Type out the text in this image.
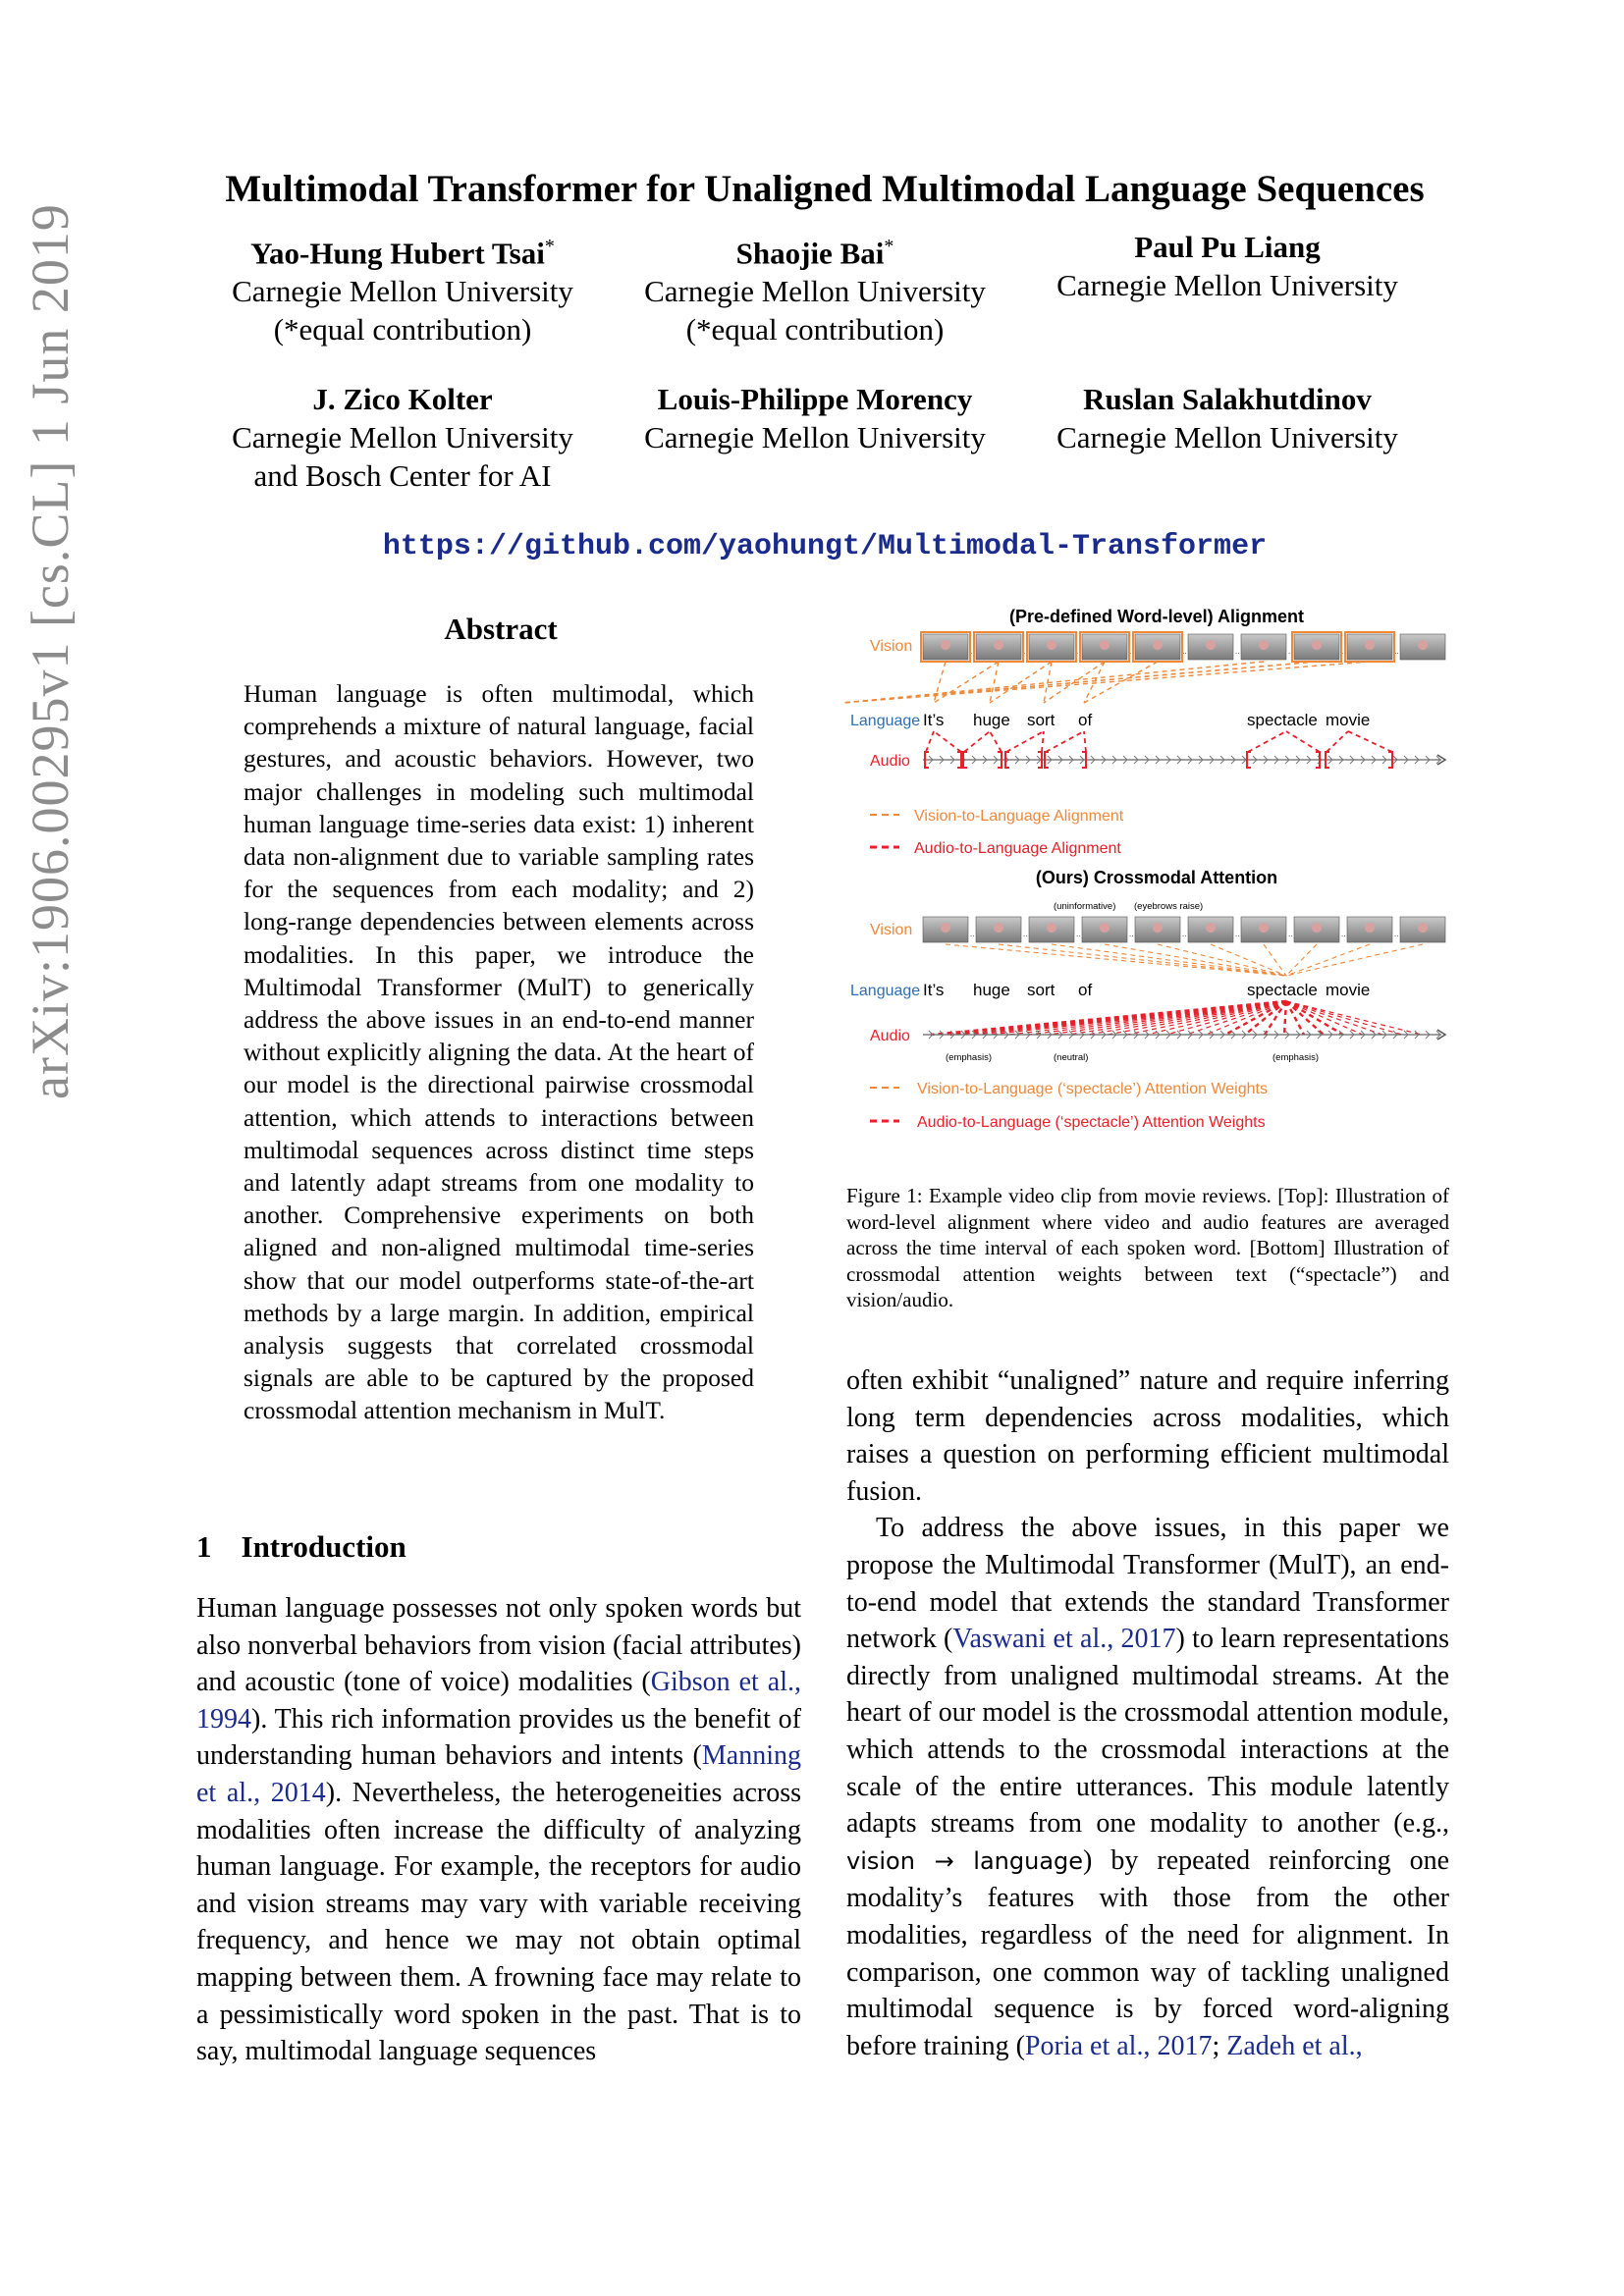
arXiv:1906.00295v1 [cs.CL] 1 Jun 2019
Multimodal Transformer for Unaligned Multimodal Language Sequences
Yao-Hung Hubert Tsai*
Carnegie Mellon University
(*equal contribution)
Shaojie Bai*
Carnegie Mellon University
(*equal contribution)
Paul Pu Liang
Carnegie Mellon University
J. Zico Kolter
Carnegie Mellon University
and Bosch Center for AI
Louis-Philippe Morency
Carnegie Mellon University
Ruslan Salakhutdinov
Carnegie Mellon University
https://github.com/yaohungt/Multimodal-Transformer
Abstract
Human language is often multimodal, which comprehends a mixture of natural language, facial gestures, and acoustic behaviors. However, two major challenges in modeling such multimodal human language time-series data exist: 1) inherent data non-alignment due to variable sampling rates for the sequences from each modality; and 2) long-range dependencies between elements across modalities. In this paper, we introduce the Multimodal Transformer (MulT) to generically address the above issues in an end-to-end manner without explicitly aligning the data. At the heart of our model is the directional pairwise crossmodal attention, which attends to interactions between multimodal sequences across distinct time steps and latently adapt streams from one modality to another. Comprehensive experiments on both aligned and non-aligned multimodal time-series show that our model outperforms state-of-the-art methods by a large margin. In addition, empirical analysis suggests that correlated crossmodal signals are able to be captured by the proposed crossmodal attention mechanism in MulT.
1 Introduction
Human language possesses not only spoken words but also nonverbal behaviors from vision (facial attributes) and acoustic (tone of voice) modalities (Gibson et al., 1994). This rich information provides us the benefit of understanding human behaviors and intents (Manning et al., 2014). Nevertheless, the heterogeneities across modalities often increase the difficulty of analyzing human language. For example, the receptors for audio and vision streams may vary with variable receiving frequency, and hence we may not obtain optimal mapping between them. A frowning face may relate to a pessimistically word spoken in the past. That is to say, multimodal language sequences
..	..	..	..	..	..	..	..	..
..	..	..	..	..	..	..	..	..
(Pre-defined Word-level) Alignment
Vision
Language
Audio
It’s huge sort of	spectacle movie
Vision-to-Language Alignment
Audio-to-Language Alignment
(Ours) Crossmodal Attention
(uninformative) (eyebrows raise)
Vision
Language
Audio
It’s huge sort of	spectacle movie
(emphasis)	(neutral)	(emphasis)
Vision-to-Language (‘spectacle’) Attention Weights
Audio-to-Language (‘spectacle’) Attention Weights
Figure 1: Example video clip from movie reviews. [Top]: Illustration of word-level alignment where video and audio features are averaged across the time interval of each spoken word. [Bottom] Illustration of crossmodal attention weights between text (“spectacle”) and vision/audio.

often exhibit “unaligned” nature and require inferring long term dependencies across modalities, which raises a question on performing efficient multimodal fusion.

To address the above issues, in this paper we propose the Multimodal Transformer (MulT), an end-to-end model that extends the standard Transformer network (Vaswani et al., 2017) to learn representations directly from unaligned multimodal streams. At the heart of our model is the crossmodal attention module, which attends to the crossmodal interactions at the scale of the entire utterances. This module latently adapts streams from one modality to another (e.g., vision → language) by repeated reinforcing one modality’s features with those from the other modalities, regardless of the need for alignment. In comparison, one common way of tackling unaligned multimodal sequence is by forced word-aligning before training (Poria et al., 2017; Zadeh et al.,
